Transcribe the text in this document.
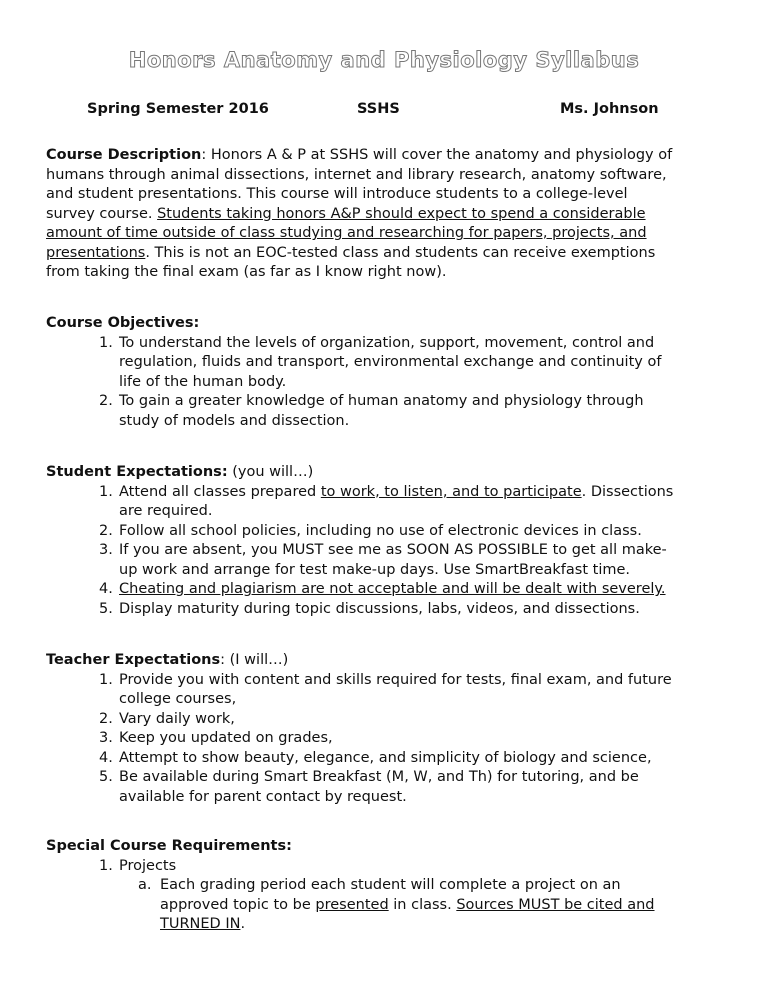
Honors Anatomy and Physiology Syllabus
Spring Semester 2016	SSHS	Ms. Johnson

Course Description: Honors A & P at SSHS will cover the anatomy and physiology of humans through animal dissections, internet and library research, anatomy software, and student presentations. This course will introduce students to a college-level survey course. Students taking honors A&P should expect to spend a considerable amount of time outside of class studying and researching for papers, projects, and presentations. This is not an EOC-tested class and students can receive exemptions from taking the final exam (as far as I know right now).

Course Objectives:

1. To understand the levels of organization, support, movement, control and regulation, fluids and transport, environmental exchange and continuity of life of the human body.
2. To gain a greater knowledge of human anatomy and physiology through study of models and dissection.

Student Expectations: (you will…)

1. Attend all classes prepared to work, to listen, and to participate. Dissections are required.
2. Follow all school policies, including no use of electronic devices in class.
3. If you are absent, you MUST see me as SOON AS POSSIBLE to get all make-up work and arrange for test make-up days. Use SmartBreakfast time.
4. Cheating and plagiarism are not acceptable and will be dealt with severely.
5. Display maturity during topic discussions, labs, videos, and dissections.

Teacher Expectations: (I will…)

1. Provide you with content and skills required for tests, final exam, and future college courses,
2. Vary daily work,
3. Keep you updated on grades,
4. Attempt to show beauty, elegance, and simplicity of biology and science,
5. Be available during Smart Breakfast (M, W, and Th) for tutoring, and be available for parent contact by request.

Special Course Requirements:

1. Projects
a. Each grading period each student will complete a project on an approved topic to be presented in class. Sources MUST be cited and TURNED IN.
